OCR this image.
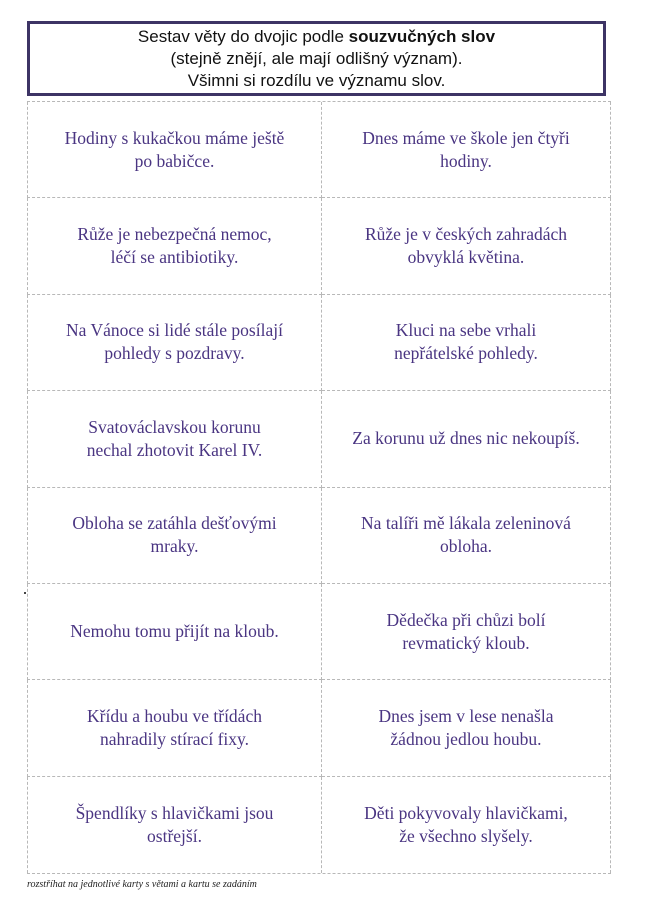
Sestav věty do dvojic podle souzvučných slov
(stejně znějí, ale mají odlišný význam).
Všimni si rozdílu ve významu slov.
Hodiny s kukačkou máme ještě
po babičce.
Dnes máme ve škole jen čtyři
hodiny.
Růže je nebezpečná nemoc,
léčí se antibiotiky.
Růže je v českých zahradách
obvyklá květina.
Na Vánoce si lidé stále posílají
pohledy s pozdravy.
Kluci na sebe vrhali
nepřátelské pohledy.
Svatováclavskou korunu
nechal zhotovit Karel IV.
Za korunu už dnes nic nekoupíš.
Obloha se zatáhla dešťovými
mraky.
Na talíři mě lákala zeleninová
obloha.
Nemohu tomu přijít na kloub.
Dědečka při chůzi bolí
revmatický kloub.
Křídu a houbu ve třídách
nahradily stírací fixy.
Dnes jsem v lese nenašla
žádnou jedlou houbu.
Špendlíky s hlavičkami jsou
ostřejší.
Děti pokyvovaly hlavičkami,
že všechno slyšely.
rozstříhat na jednotlivé karty s větami a kartu se zadáním
